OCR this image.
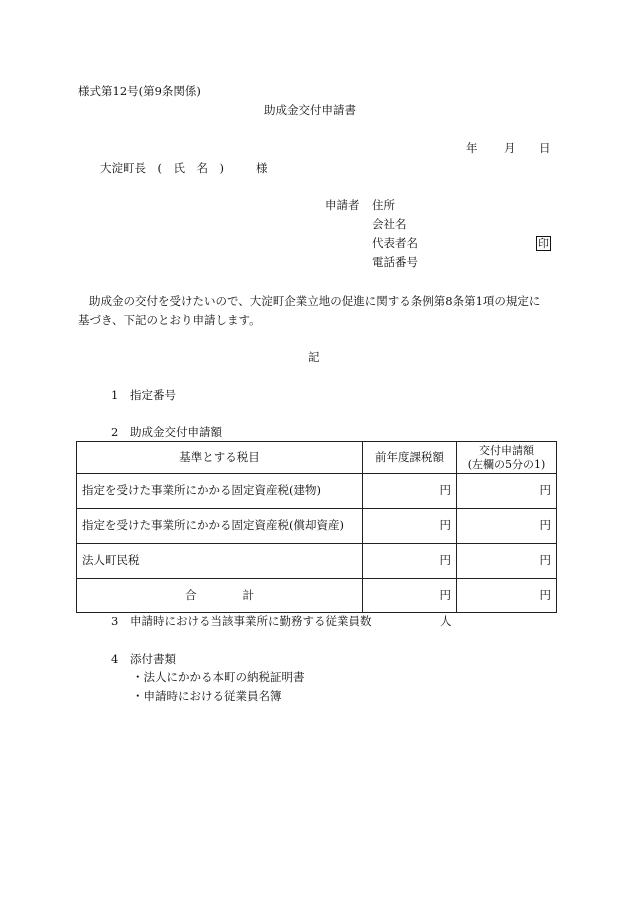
様式第12号(第9条関係)
助成金交付申請書
年 月 日
大淀町長　(　氏　名　)	様
申請者 住所
会社名
代表者名	印
電話番号
助成金の交付を受けたいので、大淀町企業立地の促進に関する条例第8条第1項の規定に
基づき、下記のとおり申請します。
記
1 指定番号
2 助成金交付申請額
基準とする税目	前年度課税額	交付申請額
(左欄の5分の1)
指定を受けた事業所にかかる固定資産税(建物)	円	円
指定を受けた事業所にかかる固定資産税(償却資産)	円	円
法人町民税	円	円
合 計	円	円
3 申請時における当該事業所に勤務する従業員数	人
4 添付書類
・法人にかかる本町の納税証明書
・申請時における従業員名簿
